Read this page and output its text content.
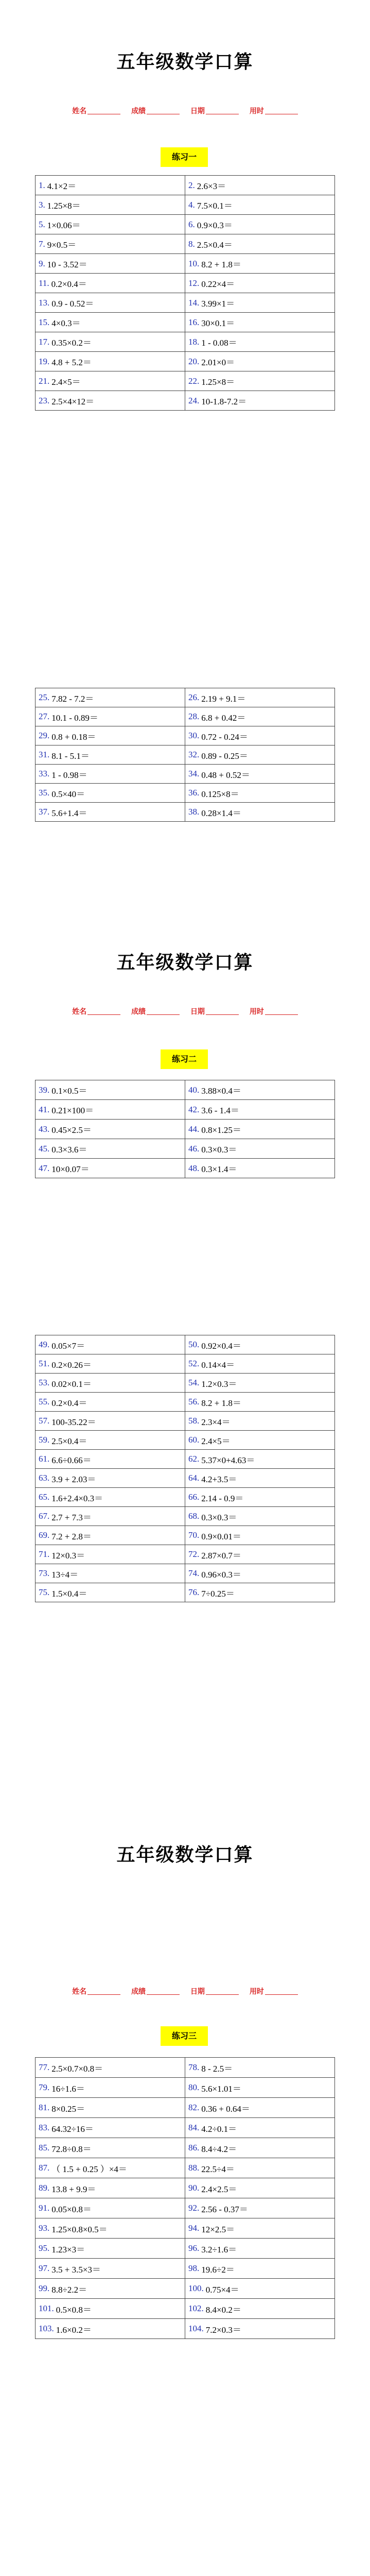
五年级数学口算
姓名	成绩	日期	用时
练习一
1. 4.1×2＝	2. 2.6×3＝
3. 1.25×8＝	4. 7.5×0.1＝
5. 1×0.06＝	6. 0.9×0.3＝
7. 9×0.5＝	8. 2.5×0.4＝
9. 10 - 3.52＝	10. 8.2 + 1.8＝
11. 0.2×0.4＝	12. 0.22×4＝
13. 0.9 - 0.52＝	14. 3.99×1＝
15. 4×0.3＝	16. 30×0.1＝
17. 0.35×0.2＝	18. 1 - 0.08＝
19. 4.8 + 5.2＝	20. 2.01×0＝
21. 2.4×5＝	22. 1.25×8＝
23. 2.5×4×12＝	24. 10-1.8-7.2＝
25. 7.82 - 7.2＝	26. 2.19 + 9.1＝
27. 10.1 - 0.89＝	28. 6.8 + 0.42＝
29. 0.8 + 0.18＝	30. 0.72 - 0.24＝
31. 8.1 - 5.1＝	32. 0.89 - 0.25＝
33. 1 - 0.98＝	34. 0.48 + 0.52＝
35. 0.5×40＝	36. 0.125×8＝
37. 5.6+1.4＝	38. 0.28×1.4＝
五年级数学口算
姓名	成绩	日期	用时
练习二
39. 0.1×0.5＝	40. 3.88×0.4＝
41. 0.21×100＝	42. 3.6 - 1.4＝
43. 0.45×2.5＝	44. 0.8×1.25＝
45. 0.3×3.6＝	46. 0.3×0.3＝
47. 10×0.07＝	48. 0.3×1.4＝
49. 0.05×7＝	50. 0.92×0.4＝
51. 0.2×0.26＝	52. 0.14×4＝
53. 0.02×0.1＝	54. 1.2×0.3＝
55. 0.2×0.4＝	56. 8.2 + 1.8＝
57. 100-35.22＝	58. 2.3×4＝
59. 2.5×0.4＝	60. 2.4×5＝
61. 6.6÷0.66＝	62. 5.37×0+4.63＝
63. 3.9 + 2.03＝	64. 4.2+3.5＝
65. 1.6+2.4×0.3＝	66. 2.14 - 0.9＝
67. 2.7 + 7.3＝	68. 0.3×0.3＝
69. 7.2 + 2.8＝	70. 0.9×0.01＝
71. 12×0.3＝	72. 2.87×0.7＝
73. 13÷4＝	74. 0.96×0.3＝
75. 1.5×0.4＝	76. 7÷0.25＝
五年级数学口算
姓名	成绩	日期	用时
练习三
77. 2.5×0.7×0.8＝	78. 8 - 2.5＝
79. 16÷1.6＝	80. 5.6×1.01＝
81. 8×0.25＝	82. 0.36 + 0.64＝
83. 64.32÷16＝	84. 4.2÷0.1＝
85. 72.8÷0.8＝	86. 8.4÷4.2＝
87. （ 1.5 + 0.25 ）×4＝	88. 22.5÷4＝
89. 13.8 + 9.9＝	90. 2.4×2.5＝
91. 0.05×0.8＝	92. 2.56 - 0.37＝
93. 1.25×0.8×0.5＝	94. 12×2.5＝
95. 1.23×3＝	96. 3.2÷1.6＝
97. 3.5 + 3.5×3＝	98. 19.6÷2＝
99. 8.8÷2.2＝	100. 0.75×4＝
101. 0.5×0.8＝	102. 8.4×0.2＝
103. 1.6×0.2＝	104. 7.2×0.3＝
